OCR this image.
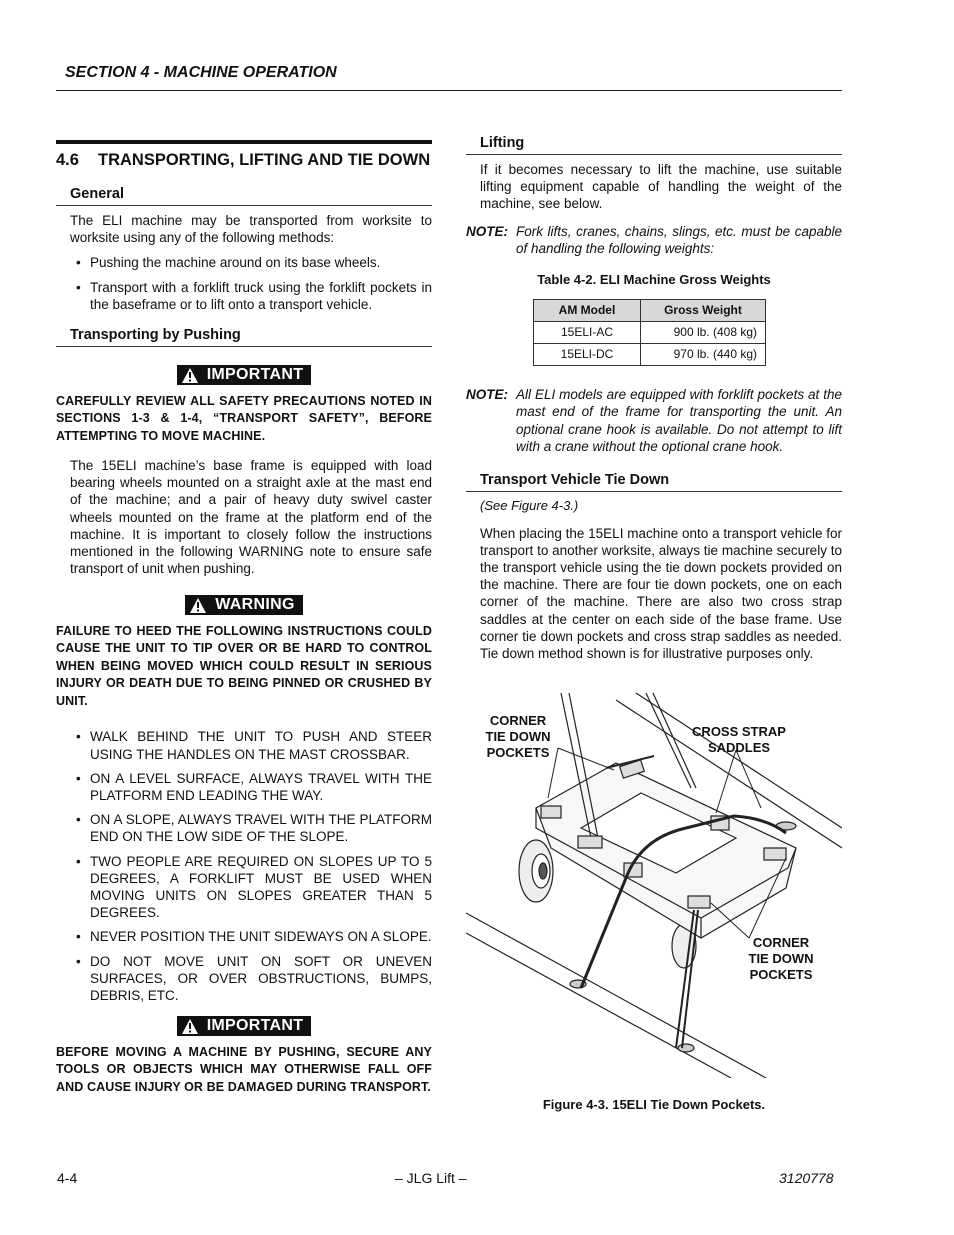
SECTION 4 - MACHINE OPERATION
4.6	TRANSPORTING, LIFTING AND TIE DOWN
General

The ELI machine may be transported from worksite to worksite using any of the following methods:

• Pushing the machine around on its base wheels.
• Transport with a forklift truck using the forklift pockets in the baseframe or to lift onto a transport vehicle.
Transporting by Pushing
IMPORTANT
CAREFULLY REVIEW ALL SAFETY PRECAUTIONS NOTED IN SECTIONS 1-3 & 1-4, “TRANSPORT SAFETY”, BEFORE ATTEMPTING TO MOVE MACHINE.

The 15ELI machine’s base frame is equipped with load bearing wheels mounted on a straight axle at the mast end of the machine; and a pair of heavy duty swivel caster wheels mounted on the frame at the platform end of the machine. It is important to closely follow the instructions mentioned in the following WARNING note to ensure safe transport of unit when pushing.

WARNING
FAILURE TO HEED THE FOLLOWING INSTRUCTIONS COULD CAUSE THE UNIT TO TIP OVER OR BE HARD TO CONTROL WHEN BEING MOVED WHICH COULD RESULT IN SERIOUS INJURY OR DEATH DUE TO BEING PINNED OR CRUSHED BY UNIT.
• WALK BEHIND THE UNIT TO PUSH AND STEER USING THE HANDLES ON THE MAST CROSSBAR.
• ON A LEVEL SURFACE, ALWAYS TRAVEL WITH THE PLATFORM END LEADING THE WAY.
• ON A SLOPE, ALWAYS TRAVEL WITH THE PLATFORM END ON THE LOW SIDE OF THE SLOPE.
• TWO PEOPLE ARE REQUIRED ON SLOPES UP TO 5 DEGREES, A FORKLIFT MUST BE USED WHEN MOVING UNITS ON SLOPES GREATER THAN 5 DEGREES.
• NEVER POSITION THE UNIT SIDEWAYS ON A SLOPE.
• DO NOT MOVE UNIT ON SOFT OR UNEVEN SURFACES, OR OVER OBSTRUCTIONS, BUMPS, DEBRIS, ETC.
IMPORTANT
BEFORE MOVING A MACHINE BY PUSHING, SECURE ANY TOOLS OR OBJECTS WHICH MAY OTHERWISE FALL OFF AND CAUSE INJURY OR BE DAMAGED DURING TRANSPORT.
Lifting

If it becomes necessary to lift the machine, use suitable lifting equipment capable of handling the weight of the machine, see below.

NOTE: Fork lifts, cranes, chains, slings, etc. must be capable of handling the following weights:
Table 4-2. ELI Machine Gross Weights
AM Model	Gross Weight
15ELI-AC	900 lb. (408 kg)
15ELI-DC	970 lb. (440 kg)
NOTE: All ELI models are equipped with forklift pockets at the mast end of the frame for transporting the unit. An optional crane hook is available. Do not attempt to lift with a crane without the optional crane hook.
Transport Vehicle Tie Down
(See Figure 4-3.)

When placing the 15ELI machine onto a transport vehicle for transport to another worksite, always tie machine securely to the transport vehicle using the tie down pockets provided on the machine. There are four tie down pockets, one on each corner of the machine. There are also two cross strap saddles at the center on each side of the base frame. Use corner tie down pockets and cross strap saddles as needed. Tie down method shown is for illustrative purposes only.

CORNER
TIE DOWN
POCKETS
CROSS STRAP
SADDLES
CORNER
TIE DOWN
POCKETS
Figure 4-3. 15ELI Tie Down Pockets.
4-4	– JLG Lift –	3120778
